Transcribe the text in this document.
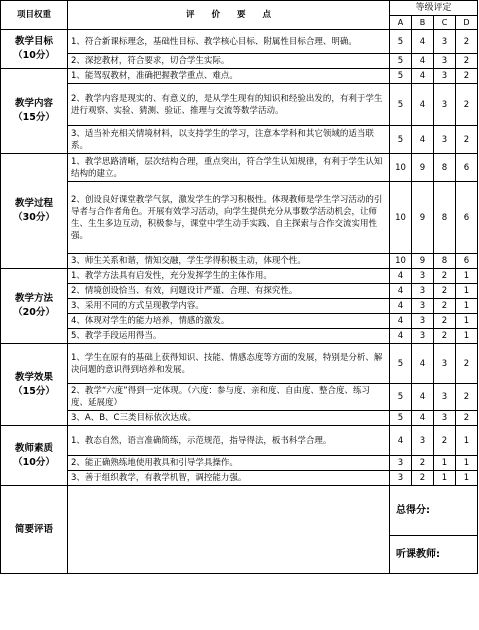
项目权重	评　　价　　要　　点	等级评定			
		A	B	C	D

教学目标
（10分）	1、符合新课标理念，基础性目标、教学核心目标、附属性目标合理、明确。	5	4	3	2
	2、深挖教材，符合要求，切合学生实际。	5	4	3	2

教学内容
（15分）	1、能驾驭教材，准确把握教学重点、难点。	5	4	3	2
	2、教学内容是现实的、有意义的，是从学生现有的知识和经验出发的，有利于学生进行观察、实验、猜测、验证、推理与交流等数学活动。	5	4	3	2
	3、适当补充相关情境材料，以支持学生的学习，注意本学科和其它领域的适当联系。	5	4	3	2

教学过程
（30分）	1、教学思路清晰，层次结构合理，重点突出，符合学生认知规律，有利于学生认知结构的建立。	10	9	8	6
	2、创设良好课堂教学气氛，激发学生的学习积极性。体现教师是学生学习活动的引导者与合作者角色。开展有效学习活动，向学生提供充分从事数学活动机会，让师生、生生多边互动，积极参与，课堂中学生动手实践、自主探索与合作交流实用性强。	10	9	8	6
	3、师生关系和谐，情知交融，学生学得积极主动，体现个性。	10	9	8	6

教学方法
（20分）	1、教学方法具有启发性，充分发挥学生的主体作用。	4	3	2	1
	2、情境创设恰当、有效，问题设计严谨、合理、有探究性。	4	3	2	1
	3、采用不同的方式呈现教学内容。	4	3	2	1
	4、体现对学生的能力培养，情感的激发。	4	3	2	1
	5、教学手段运用得当。	4	3	2	1

教学效果
（15分）	1、学生在原有的基础上获得知识、技能、情感态度等方面的发展，特别是分析、解决问题的意识得到培养和发展。	5	4	3	2
	2、教学“六度”得到一定体现。（六度：参与度、亲和度、自由度、整合度、练习度、延展度）	5	4	3	2
	3、A、B、C三类目标依次达成。	5	4	3	2

教师素质
（10分）	1、教态自然，语言准确简练，示范规范，指导得法，板书科学合理。	4	3	2	1
	2、能正确熟练地使用教具和引导学具操作。	3	2	1	1
	3、善于组织教学，有教学机智，调控能力强。	3	2	1	1
简要评语		总得分:			
		听课教师:			
